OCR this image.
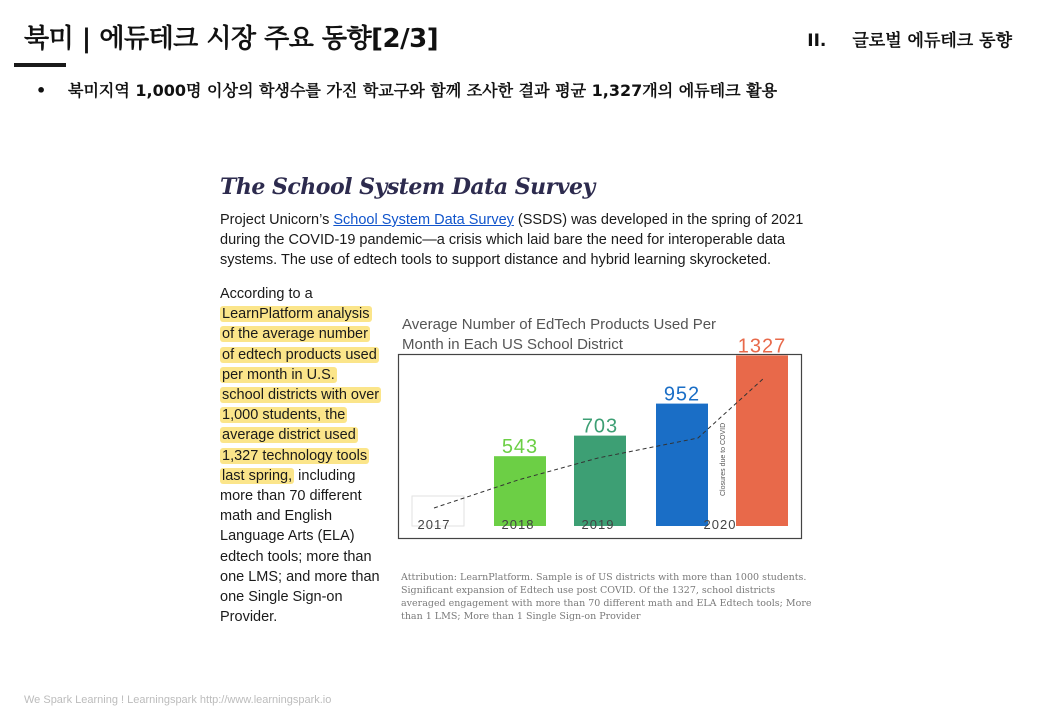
북미 | 에듀테크 시장 주요 동향[2/3]	II. 글로벌 에듀테크 동향
• 북미지역 1,000명 이상의 학생수를 가진 학교구와 함께 조사한 결과 평균 1,327개의 에듀테크 활용
The School System Data Survey
Project Unicorn’s School System Data Survey (SSDS) was developed in the spring of 2021 during the COVID-19 pandemic—a crisis which laid bare the need for interoperable data systems. The use of edtech tools to support distance and hybrid learning skyrocketed.
According to a
LearnPlatform analysis of the average number of edtech products used per month in U.S. school districts with over 1,000 students, the average district used 1,327 technology tools last spring, including more than 70 different math and English Language Arts (ELA) edtech tools; more than one LMS; and more than one Single Sign-on Provider.
Average Number of EdTech Products Used Per Month in Each US School District
543
703
952
1327
Closures due to COVID
2017	2018	2019	2020
Attribution: LearnPlatform. Sample is of US districts with more than 1000 students. Significant expansion of Edtech use post COVID. Of the 1327, school districts averaged engagement with more than 70 different math and ELA Edtech tools; More than 1 LMS; More than 1 Single Sign-on Provider
We Spark Learning ! Learningspark http://www.learningspark.io
